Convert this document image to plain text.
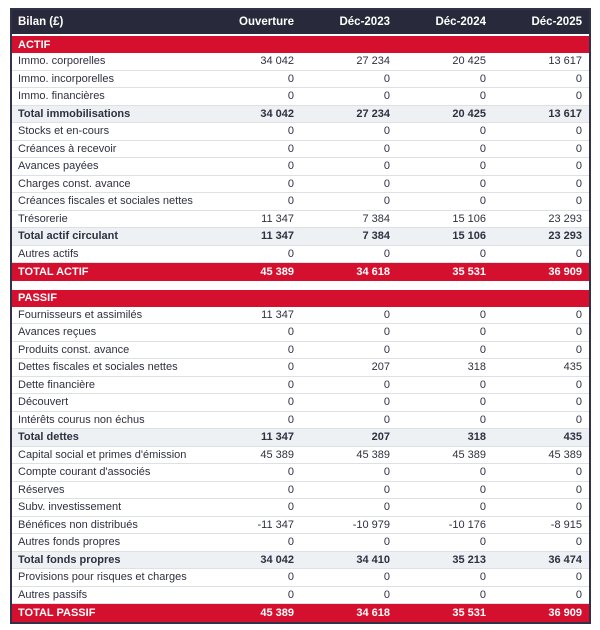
Bilan (£)	Ouverture	Déc-2023	Déc-2024	Déc-2025
ACTIF
Immo. corporelles	34 042	27 234	20 425	13 617
Immo. incorporelles	0	0	0	0
Immo. financières	0	0	0	0
Total immobilisations	34 042	27 234	20 425	13 617
Stocks et en-cours	0	0	0	0
Créances à recevoir	0	0	0	0
Avances payées	0	0	0	0
Charges const. avance	0	0	0	0
Créances fiscales et sociales nettes	0	0	0	0
Trésorerie	11 347	7 384	15 106	23 293
Total actif circulant	11 347	7 384	15 106	23 293
Autres actifs	0	0	0	0
TOTAL ACTIF	45 389	34 618	35 531	36 909
PASSIF
Fournisseurs et assimilés	11 347	0	0	0
Avances reçues	0	0	0	0
Produits const. avance	0	0	0	0
Dettes fiscales et sociales nettes	0	207	318	435
Dette financière	0	0	0	0
Découvert	0	0	0	0
Intérêts courus non échus	0	0	0	0
Total dettes	11 347	207	318	435
Capital social et primes d'émission	45 389	45 389	45 389	45 389
Compte courant d'associés	0	0	0	0
Réserves	0	0	0	0
Subv. investissement	0	0	0	0
Bénéfices non distribués	-11 347	-10 979	-10 176	-8 915
Autres fonds propres	0	0	0	0
Total fonds propres	34 042	34 410	35 213	36 474
Provisions pour risques et charges	0	0	0	0
Autres passifs	0	0	0	0
TOTAL PASSIF	45 389	34 618	35 531	36 909
